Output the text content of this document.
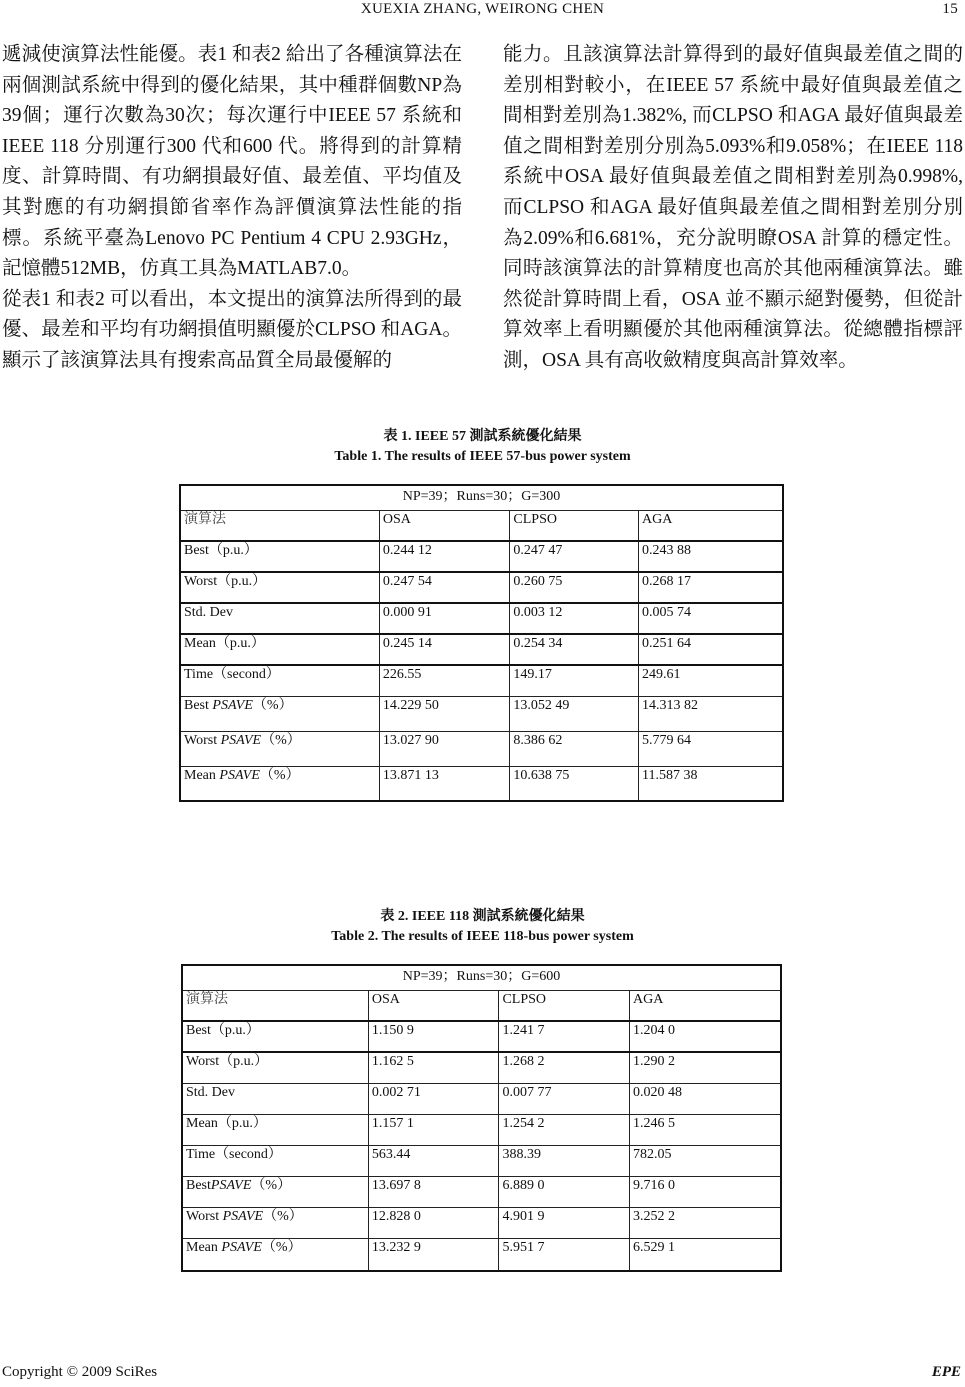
XUEXIA ZHANG, WEIRONG CHEN	15

遞減使演算法性能優。表1 和表2 給出了各種演算法在兩個測試系統中得到的優化結果，其中種群個數NP為39個；運行次數為30次；每次運行中IEEE 57 系統和IEEE 118 分別運行300 代和600 代。將得到的計算精度、計算時間、有功網損最好值、最差值、平均值及其對應的有功網損節省率作為評價演算法性能的指標。系統平臺為Lenovo PC Pentium 4 CPU 2.93GHz，記憶體512MB，仿真工具為MATLAB7.0。

從表1 和表2 可以看出，本文提出的演算法所得到的最優、最差和平均有功網損值明顯優於CLPSO 和AGA。顯示了該演算法具有搜索高品質全局最優解的

能力。且該演算法計算得到的最好值與最差值之間的差別相對較小，在IEEE 57 系統中最好值與最差值之間相對差別為1.382%, 而CLPSO 和AGA 最好值與最差值之間相對差別分別為5.093%和9.058%；在IEEE 118 系統中OSA 最好值與最差值之間相對差別為0.998%, 而CLPSO 和AGA 最好值與最差值之間相對差別分別為2.09%和6.681%，充分說明瞭OSA 計算的穩定性。同時該演算法的計算精度也高於其他兩種演算法。雖然從計算時間上看，OSA 並不顯示絕對優勢，但從計算效率上看明顯優於其他兩種演算法。從總體指標評測，OSA 具有高收斂精度與高計算效率。

表 1. IEEE 57 測試系統優化結果
Table 1. The results of IEEE 57-bus power system
NP=39；Runs=30；G=300			
演算法	OSA	CLPSO	AGA
Best（p.u.）	0.244 12	0.247 47	0.243 88
Worst（p.u.）	0.247 54	0.260 75	0.268 17
Std. Dev	0.000 91	0.003 12	0.005 74
Mean（p.u.）	0.245 14	0.254 34	0.251 64
Time（second）	226.55	149.17	249.61
Best PSAVE（%）	14.229 50	13.052 49	14.313 82
Worst PSAVE（%）	13.027 90	8.386 62	5.779 64
Mean PSAVE（%）	13.871 13	10.638 75	11.587 38
表 2. IEEE 118 測試系統優化結果
Table 2. The results of IEEE 118-bus power system
NP=39；Runs=30；G=600			
演算法	OSA	CLPSO	AGA
Best（p.u.）	1.150 9	1.241 7	1.204 0
Worst（p.u.）	1.162 5	1.268 2	1.290 2
Std. Dev	0.002 71	0.007 77	0.020 48
Mean（p.u.）	1.157 1	1.254 2	1.246 5
Time（second）	563.44	388.39	782.05
BestPSAVE（%）	13.697 8	6.889 0	9.716 0
Worst PSAVE（%）	12.828 0	4.901 9	3.252 2
Mean PSAVE（%）	13.232 9	5.951 7	6.529 1
Copyright © 2009 SciRes	EPE
